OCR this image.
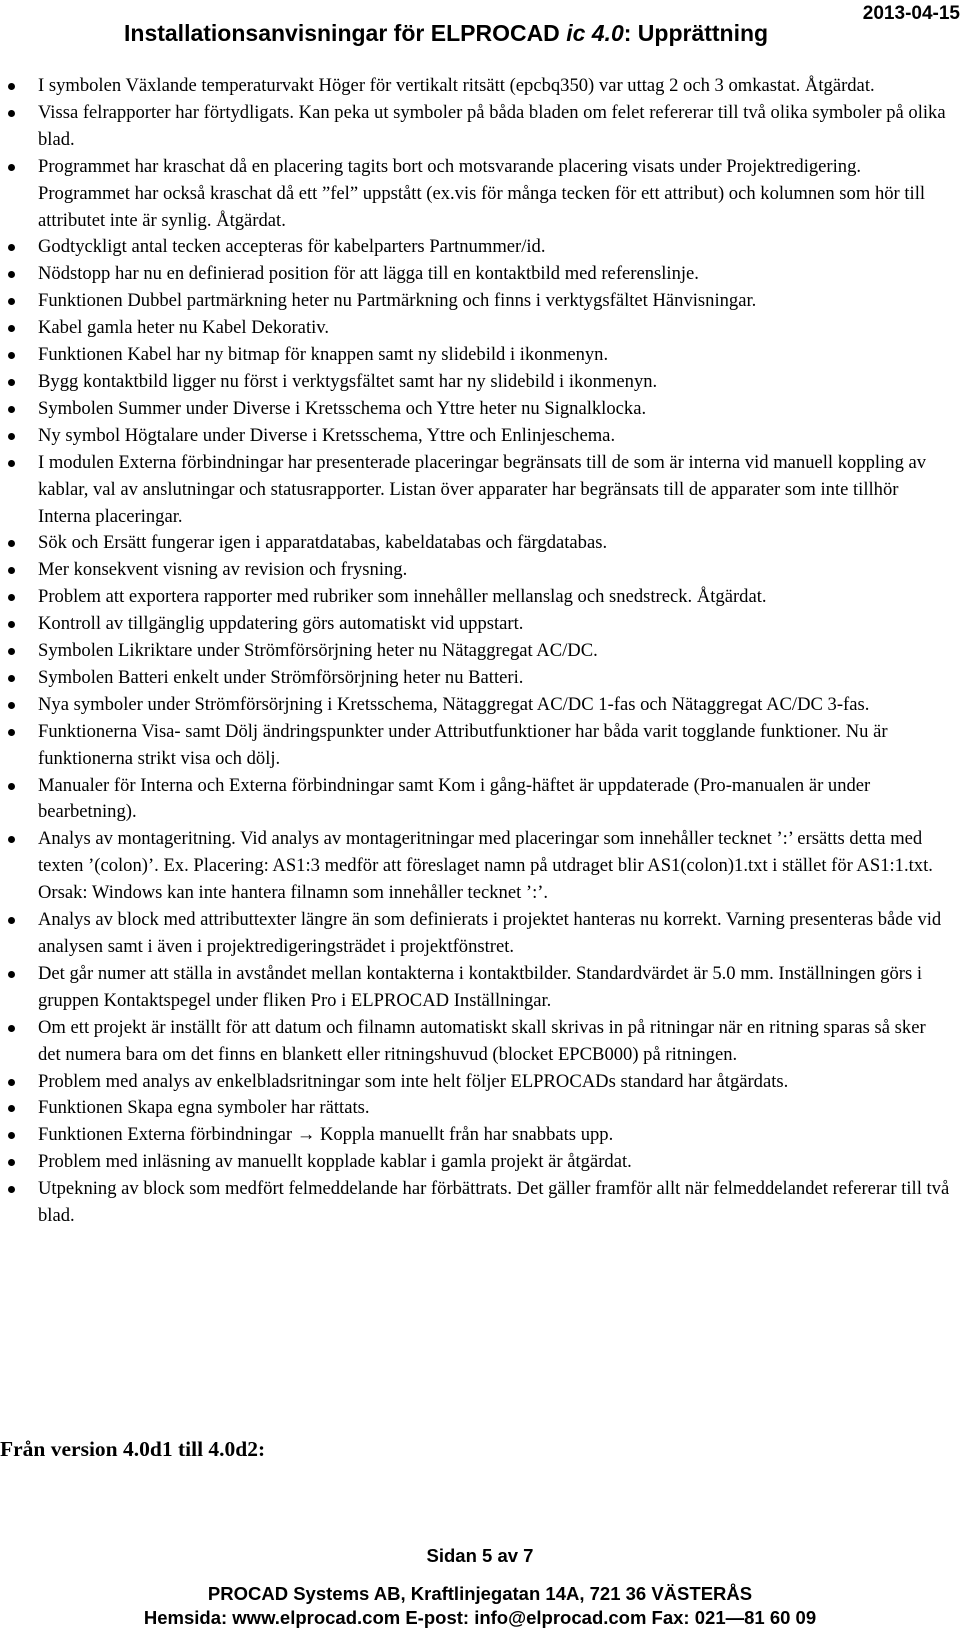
Installationsanvisningar för ELPROCAD ic 4.0: Upprättning
2013-04-15
I symbolen Växlande temperaturvakt Höger för vertikalt ritsätt (epcbq350) var uttag 2 och 3 omkastat. Åtgärdat.
Vissa felrapporter har förtydligats. Kan peka ut symboler på båda bladen om felet refererar till två olika symboler på olika blad.
Programmet har kraschat då en placering tagits bort och motsvarande placering visats under Projektredigering. Programmet har också kraschat då ett ”fel” uppstått (ex.vis för många tecken för ett attribut) och kolumnen som hör till attributet inte är synlig. Åtgärdat.
Godtyckligt antal tecken accepteras för kabelparters Partnummer/id.
Nödstopp har nu en definierad position för att lägga till en kontaktbild med referenslinje.
Funktionen Dubbel partmärkning heter nu Partmärkning och finns i verktygsfältet Hänvisningar.
Kabel gamla heter nu Kabel Dekorativ.
Funktionen Kabel har ny bitmap för knappen samt ny slidebild i ikonmenyn.
Bygg kontaktbild ligger nu först i verktygsfältet samt har ny slidebild i ikonmenyn.
Symbolen Summer under Diverse i Kretsschema och Yttre heter nu Signalklocka.
Ny symbol Högtalare under Diverse i Kretsschema, Yttre och Enlinjeschema.
I modulen Externa förbindningar har presenterade placeringar begränsats till de som är interna vid manuell koppling av kablar, val av anslutningar och statusrapporter. Listan över apparater har begränsats till de apparater som inte tillhör Interna placeringar.
Sök och Ersätt fungerar igen i apparatdatabas, kabeldatabas och färgdatabas.
Mer konsekvent visning av revision och frysning.
Problem att exportera rapporter med rubriker som innehåller mellanslag och snedstreck. Åtgärdat.
Kontroll av tillgänglig uppdatering görs automatiskt vid uppstart.
Symbolen Likriktare under Strömförsörjning heter nu Nätaggregat AC/DC.
Symbolen Batteri enkelt under Strömförsörjning heter nu Batteri.
Nya symboler under Strömförsörjning i Kretsschema, Nätaggregat AC/DC 1-fas och Nätaggregat AC/DC 3-fas.
Funktionerna Visa- samt Dölj ändringspunkter under Attributfunktioner har båda varit togglande funktioner. Nu är funktionerna strikt visa och dölj.
Manualer för Interna och Externa förbindningar samt Kom i gång-häftet är uppdaterade (Pro-manualen är under bearbetning).
Analys av montageritning. Vid analys av montageritningar med placeringar som innehåller tecknet ’:’ ersätts detta med texten ’(colon)’. Ex. Placering: AS1:3 medför att föreslaget namn på utdraget blir AS1(colon)1.txt i stället för AS1:1.txt. Orsak: Windows kan inte hantera filnamn som innehåller tecknet ’:’.
Analys av block med attributtexter längre än som definierats i projektet hanteras nu korrekt. Varning presenteras både vid analysen samt i även i projektredigeringsträdet i projektfönstret.
Det går numer att ställa in avståndet mellan kontakterna i kontaktbilder. Standardvärdet är 5.0 mm. Inställningen görs i gruppen Kontaktspegel under fliken Pro i ELPROCAD Inställningar.
Om ett projekt är inställt för att datum och filnamn automatiskt skall skrivas in på ritningar när en ritning sparas så sker det numera bara om det finns en blankett eller ritningshuvud (blocket EPCB000) på ritningen.
Problem med analys av enkelbladsritningar som inte helt följer ELPROCADs standard har åtgärdats.
Funktionen Skapa egna symboler har rättats.
Funktionen Externa förbindningar → Koppla manuellt från har snabbats upp.
Problem med inläsning av manuellt kopplade kablar i gamla projekt är åtgärdat.
Utpekning av block som medfört felmeddelande har förbättrats. Det gäller framför allt när felmeddelandet refererar till två blad.
Från version 4.0d1 till 4.0d2:
Sidan 5 av 7
PROCAD Systems AB, Kraftlinjegatan 14A, 721 36 VÄSTERÅS
Hemsida: www.elprocad.com E-post: info@elprocad.com Fax: 021—81 60 09
